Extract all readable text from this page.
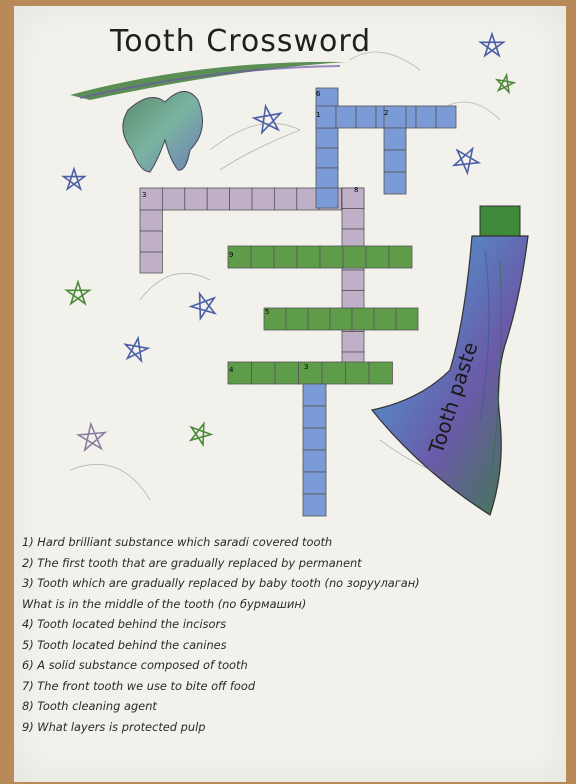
6
1	2
3
8
9
5
4	3	Tooth paste
Tooth Crossword
1) Hard brilliant substance which saradi covered tooth
2) The first tooth that are gradually replaced by permanent
3) Tooth which are gradually replaced by baby tooth (no зоруулаган)
What is in the middle of the tooth (no бурмашин)
4) Tooth located behind the incisors
5) Tooth located behind the canines
6) A solid substance composed of tooth
7) The front tooth we use to bite off food
8) Tooth cleaning agent
9) What layers is protected pulp
